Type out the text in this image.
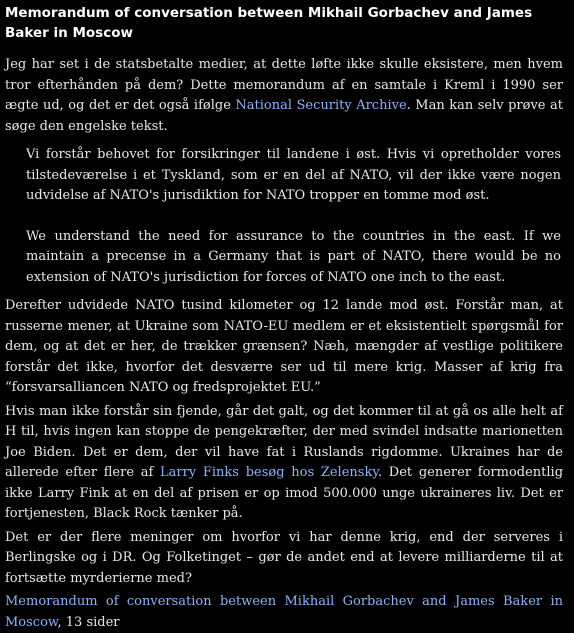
Memorandum of conversation between Mikhail Gorbachev and James Baker in Moscow

Jeg har set i de statsbetalte medier, at dette løfte ikke skulle eksistere, men hvem tror efterhånden på dem? Dette memorandum af en samtale i Kreml i 1990 ser ægte ud, og det er det også ifølge National Security Archive. Man kan selv prøve at søge den engelske tekst.

Vi forstår behovet for forsikringer til landene i øst. Hvis vi opretholder vores tilstedeværelse i et Tyskland, som er en del af NATO, vil der ikke være nogen udvidelse af NATO's jurisdiktion for NATO tropper en tomme mod øst.

We understand the need for assurance to the countries in the east. If we maintain a precense in a Germany that is part of NATO, there would be no extension of NATO's jurisdiction for forces of NATO one inch to the east.

Derefter udvidede NATO tusind kilometer og 12 lande mod øst. Forstår man, at russerne mener, at Ukraine som NATO-EU medlem er et eksistentielt spørgsmål for dem, og at det er her, de trækker grænsen? Næh, mængder af vestlige politikere forstår det ikke, hvorfor det desværre ser ud til mere krig. Masser af krig fra “forsvarsalliancen NATO og fredsprojektet EU.”

Hvis man ikke forstår sin fjende, går det galt, og det kommer til at gå os alle helt af H til, hvis ingen kan stoppe de pengekræfter, der med svindel indsatte marionetten Joe Biden. Det er dem, der vil have fat i Ruslands rigdomme. Ukraines har de allerede efter flere af Larry Finks besøg hos Zelensky. Det generer formodentlig ikke Larry Fink at en del af prisen er op imod 500.000 unge ukraineres liv. Det er fortjenesten, Black Rock tænker på.

Det er der flere meninger om hvorfor vi har denne krig, end der serveres i Berlingske og i DR. Og Folketinget – gør de andet end at levere milliarderne til at fortsætte myrderierne med?

Memorandum of conversation between Mikhail Gorbachev and James Baker in Moscow, 13 sider
